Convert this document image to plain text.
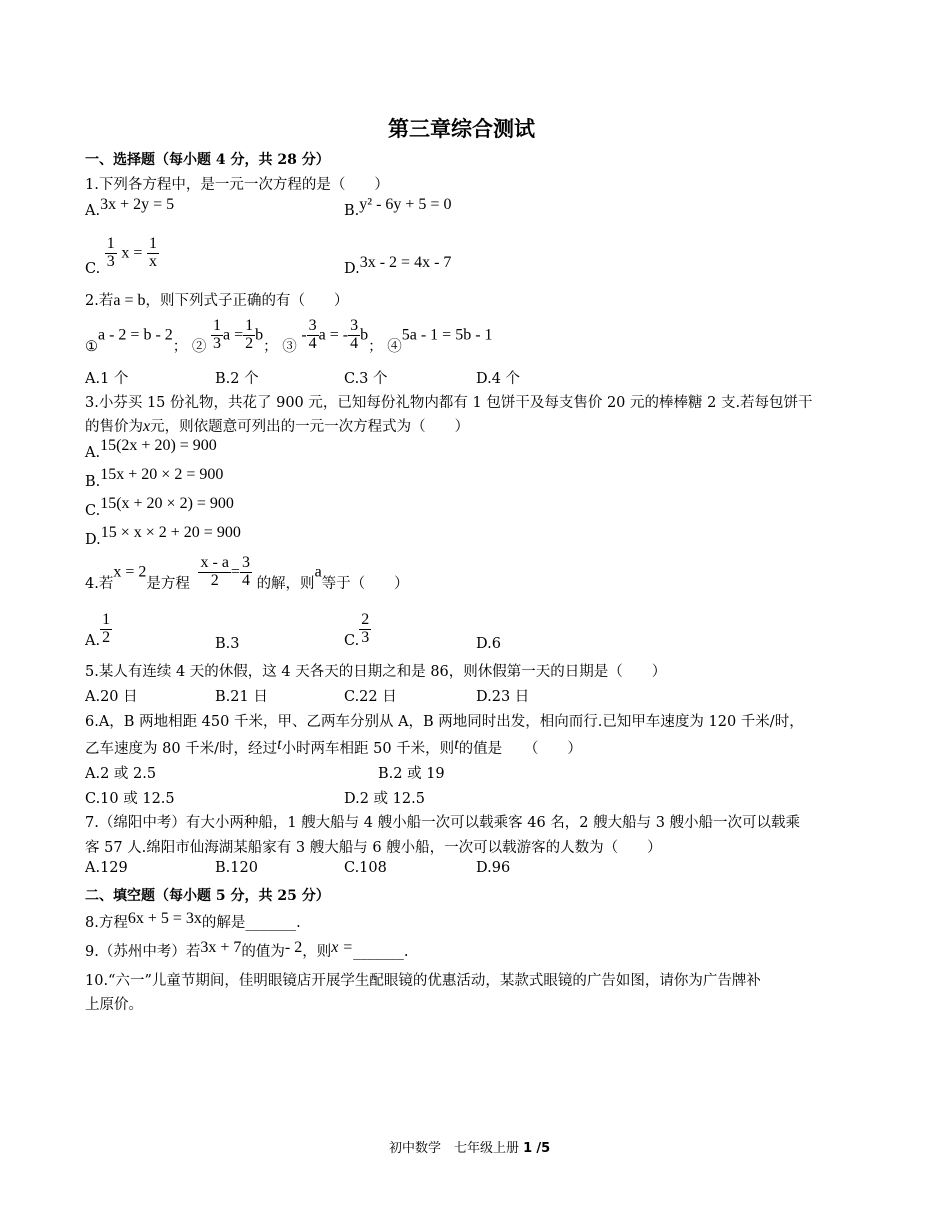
第三章综合测试
一、选择题（每小题 4 分，共 28 分）
1.下列各方程中，是一元一次方程的是（　　）
A.3x + 2y = 5	B.y² - 6y + 5 = 0
C. $\frac{1}{3}$ $x = \frac{1}{x}$	D.3x - 2 = 4x - 7
2.若a = b，则下列式子正确的有（　　）
①a - 2 = b - 2； ② $\frac{1}{3}$ $a = \frac{1}{2}$ b； ③ - $\frac{3}{4}$ a = - $\frac{3}{4}$ b； ④5a - 1 = 5b - 1
A.1 个	B.2 个	C.3 个	D.4 个
3.小芬买 15 份礼物，共花了 900 元，已知每份礼物内都有 1 包饼干及每支售价 20 元的棒棒糖 2 支.若每包饼干
的售价为x元，则依题意可列出的一元一次方程式为（　　）
A.15(2x + 20) = 900
B.15x + 20 × 2 = 900
C.15(x + 20 × 2) = 900
D.15 × x × 2 + 20 = 900
4.若x = 2是方程 $\frac{x - a}{2} = \frac{3}{4}$ 的解，则a等于（　　）
A. $\frac{1}{2}$	B.3	C. $\frac{2}{3}$	D.6
5.某人有连续 4 天的休假，这 4 天各天的日期之和是 86，则休假第一天的日期是（　　）
A.20 日	B.21 日	C.22 日	D.23 日
6.A，B 两地相距 450 千米，甲、乙两车分别从 A，B 两地同时出发，相向而行.已知甲车速度为 120 千米/时，
乙车速度为 80 千米/时，经过t小时两车相距 50 千米，则t的值是　　（　　）
A.2 或 2.5	B.2 或 19
C.10 或 12.5	D.2 或 12.5
7.（绵阳中考）有大小两种船，1 艘大船与 4 艘小船一次可以载乘客 46 名，2 艘大船与 3 艘小船一次可以载乘
客 57 人.绵阳市仙海湖某船家有 3 艘大船与 6 艘小船，一次可以载游客的人数为（　　）
A.129	B.120	C.108	D.96
二、填空题（每小题 5 分，共 25 分）
8.方程6x + 5 = 3x的解是_______.
9.（苏州中考）若3x + 7的值为- 2，则x =_______.
10.“六一”儿童节期间，佳明眼镜店开展学生配眼镜的优惠活动，某款式眼镜的广告如图，请你为广告牌补
上原价。
初中数学　七年级上册 1 /5
